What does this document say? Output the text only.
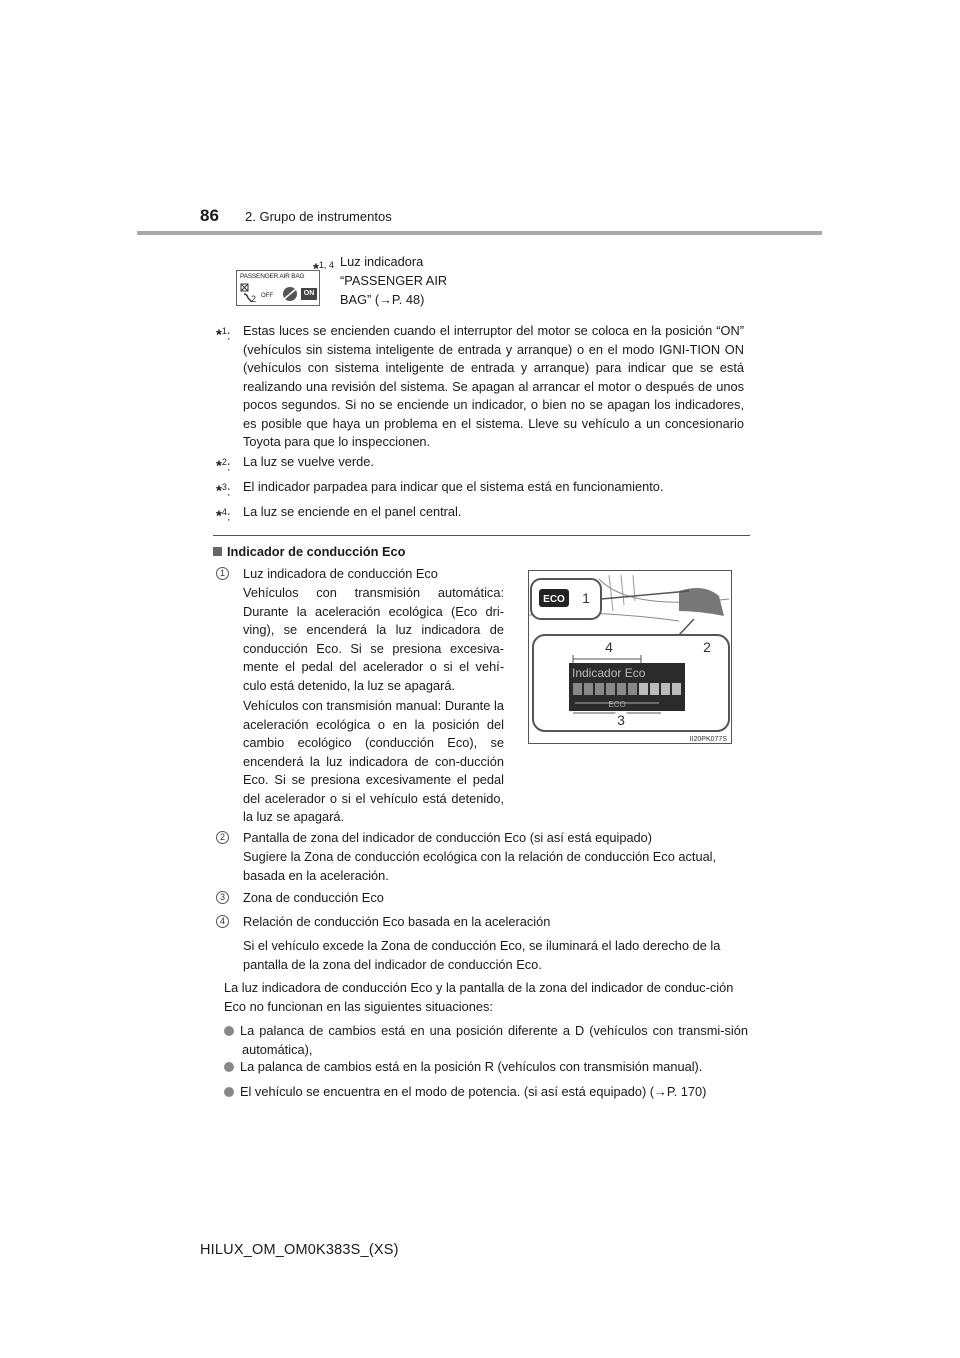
86 2. Grupo de instrumentos
PASSENGER AIR BAG
2 OFF	ON
*$^{1, 4}$ Luz indicadora
“PASSENGER AIR
BAG” (→P. 48)
*$^1$: Estas luces se encienden cuando el interruptor del motor se coloca en la posición “ON” (vehículos sin sistema inteligente de entrada y arranque) o en el modo IGNI-TION ON (vehículos con sistema inteligente de entrada y arranque) para indicar que se está realizando una revisión del sistema. Se apagan al arrancar el motor o después de unos pocos segundos. Si no se enciende un indicador, o bien no se apagan los indicadores, es posible que haya un problema en el sistema. Lleve su vehículo a un concesionario Toyota para que lo inspeccionen.
*$^2$: La luz se vuelve verde.
*$^3$: El indicador parpadea para indicar que el sistema está en funcionamiento.
*$^4$: La luz se enciende en el panel central.
Indicador de conducción Eco
1	Luz indicadora de conducción Eco
Vehículos con transmisión automática: Durante la aceleración ecológica (Eco dri-ving), se encenderá la luz indicadora de conducción Eco. Si se presiona excesiva-mente el pedal del acelerador o si el vehí-culo está detenido, la luz se apagará.
Vehículos con transmisión manual: Durante la aceleración ecológica o en la posición del cambio ecológico (conducción Eco), se encenderá la luz indicadora de con-ducción Eco. Si se presiona excesivamente el pedal del acelerador o si el vehículo está detenido, la luz se apagará.
ECO 1
Indicador Eco
ECO
4	2
3
II20PK077S
2	Pantalla de zona del indicador de conducción Eco (si así está equipado)
Sugiere la Zona de conducción ecológica con la relación de conducción Eco actual, basada en la aceleración.
3	Zona de conducción Eco
4	Relación de conducción Eco basada en la aceleración
Si el vehículo excede la Zona de conducción Eco, se iluminará el lado derecho de la pantalla de la zona del indicador de conducción Eco.
La luz indicadora de conducción Eco y la pantalla de la zona del indicador de conduc-ción Eco no funcionan en las siguientes situaciones:
La palanca de cambios está en una posición diferente a D (vehículos con transmi-sión automática),
La palanca de cambios está en la posición R (vehículos con transmisión manual).
El vehículo se encuentra en el modo de potencia. (si así está equipado) (→P. 170)
HILUX_OM_OM0K383S_(XS)
